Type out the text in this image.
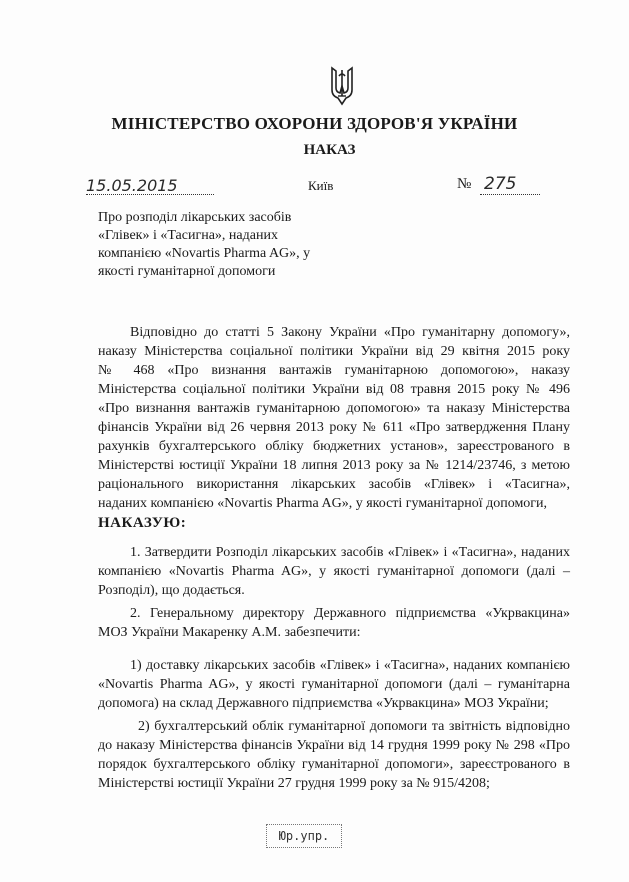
МІНІСТЕРСТВО ОХОРОНИ ЗДОРОВ'Я УКРАЇНИ
НАКАЗ
15.05.2015	Київ	№ 275
Про розподіл лікарських засобів
«Глівек» і «Тасигна», наданих
компанією «Novartis Pharma AG», у
якості гуманітарної допомоги
Відповідно до статті 5 Закону України «Про гуманітарну допомогу»,
наказу Міністерства соціальної політики України від 29 квітня 2015 року
№ 468 «Про визнання вантажів гуманітарною допомогою», наказу
Міністерства соціальної політики України від 08 травня 2015 року № 496
«Про визнання вантажів гуманітарною допомогою» та наказу Міністерства
фінансів України від 26 червня 2013 року № 611 «Про затвердження Плану
рахунків бухгалтерського обліку бюджетних установ», зареєстрованого в
Міністерстві юстиції України 18 липня 2013 року за № 1214/23746, з метою
раціонального використання лікарських засобів «Глівек» і «Тасигна»,
наданих компанією «Novartis Pharma AG», у якості гуманітарної допомоги,
НАКАЗУЮ:
1. Затвердити Розподіл лікарських засобів «Глівек» і «Тасигна», наданих
компанією «Novartis Pharma AG», у якості гуманітарної допомоги (далі –
Розподіл), що додається.
2. Генеральному директору Державного підприємства «Укрвакцина»
МОЗ України Макаренку А.М. забезпечити:
1) доставку лікарських засобів «Глівек» і «Тасигна», наданих компанією
«Novartis Pharma AG», у якості гуманітарної допомоги (далі – гуманітарна
допомога) на склад Державного підприємства «Укрвакцина» МОЗ України;
2) бухгалтерський облік гуманітарної допомоги та звітність відповідно
до наказу Міністерства фінансів України від 14 грудня 1999 року № 298 «Про
порядок бухгалтерського обліку гуманітарної допомоги», зареєстрованого в
Міністерстві юстиції України 27 грудня 1999 року за № 915/4208;
Юр.упр.
